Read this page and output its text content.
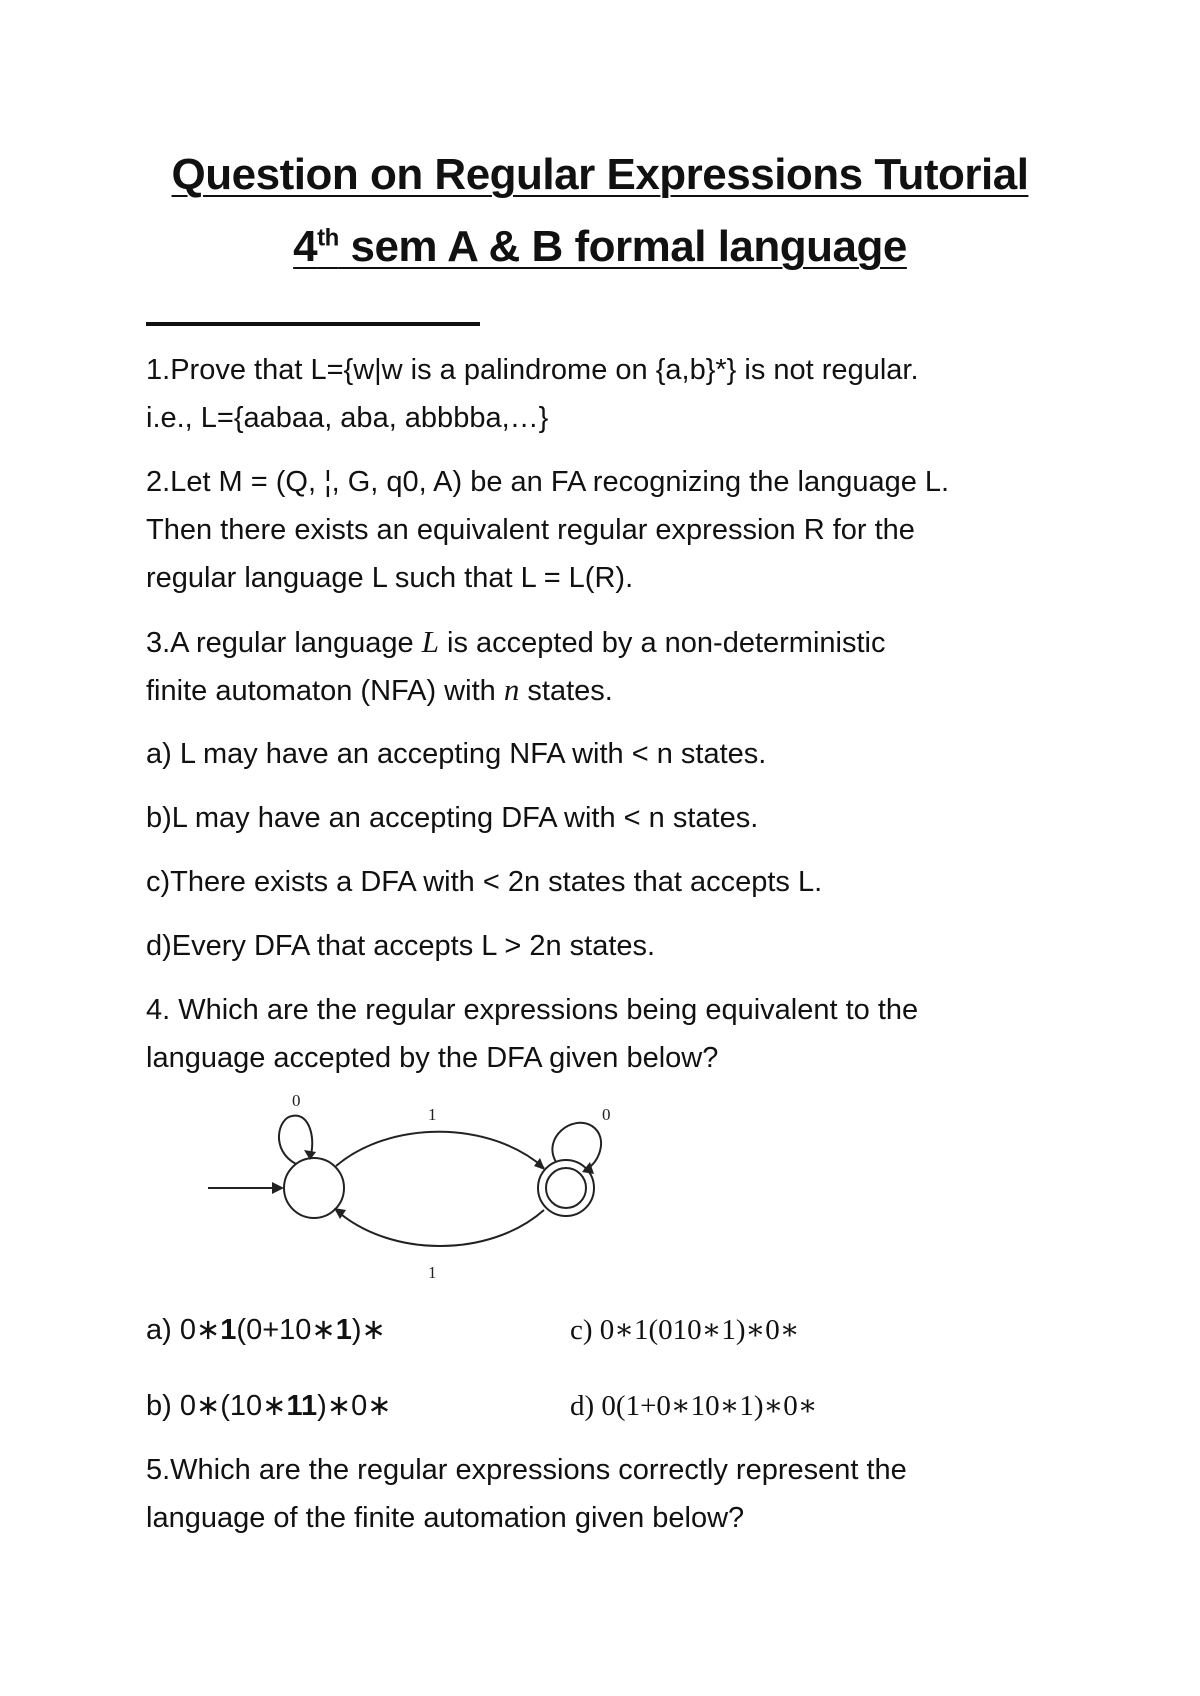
Question on Regular Expressions Tutorial
4th sem A & B formal language
1.Prove that L={w|w is a palindrome on {a,b}*} is not regular.
i.e., L={aabaa, aba, abbbba,…}
2.Let M = (Q, ¦, G, q0, A) be an FA recognizing the language L.
Then there exists an equivalent regular expression R for the
regular language L such that L = L(R).
3.A regular language L is accepted by a non-deterministic
finite automaton (NFA) with n states.
a) L may have an accepting NFA with < n states.
b)L may have an accepting DFA with < n states.
c)There exists a DFA with < 2n states that accepts L.
d)Every DFA that accepts L > 2n states.
4. Which are the regular expressions being equivalent to the
language accepted by the DFA given below?
0
1	0
1
a) 0∗1(0+10∗1)∗	c) 0∗1(010∗1)∗0∗
b) 0∗(10∗11)∗0∗	d) 0(1+0∗10∗1)∗0∗
5.Which are the regular expressions correctly represent the
language of the finite automation given below?
